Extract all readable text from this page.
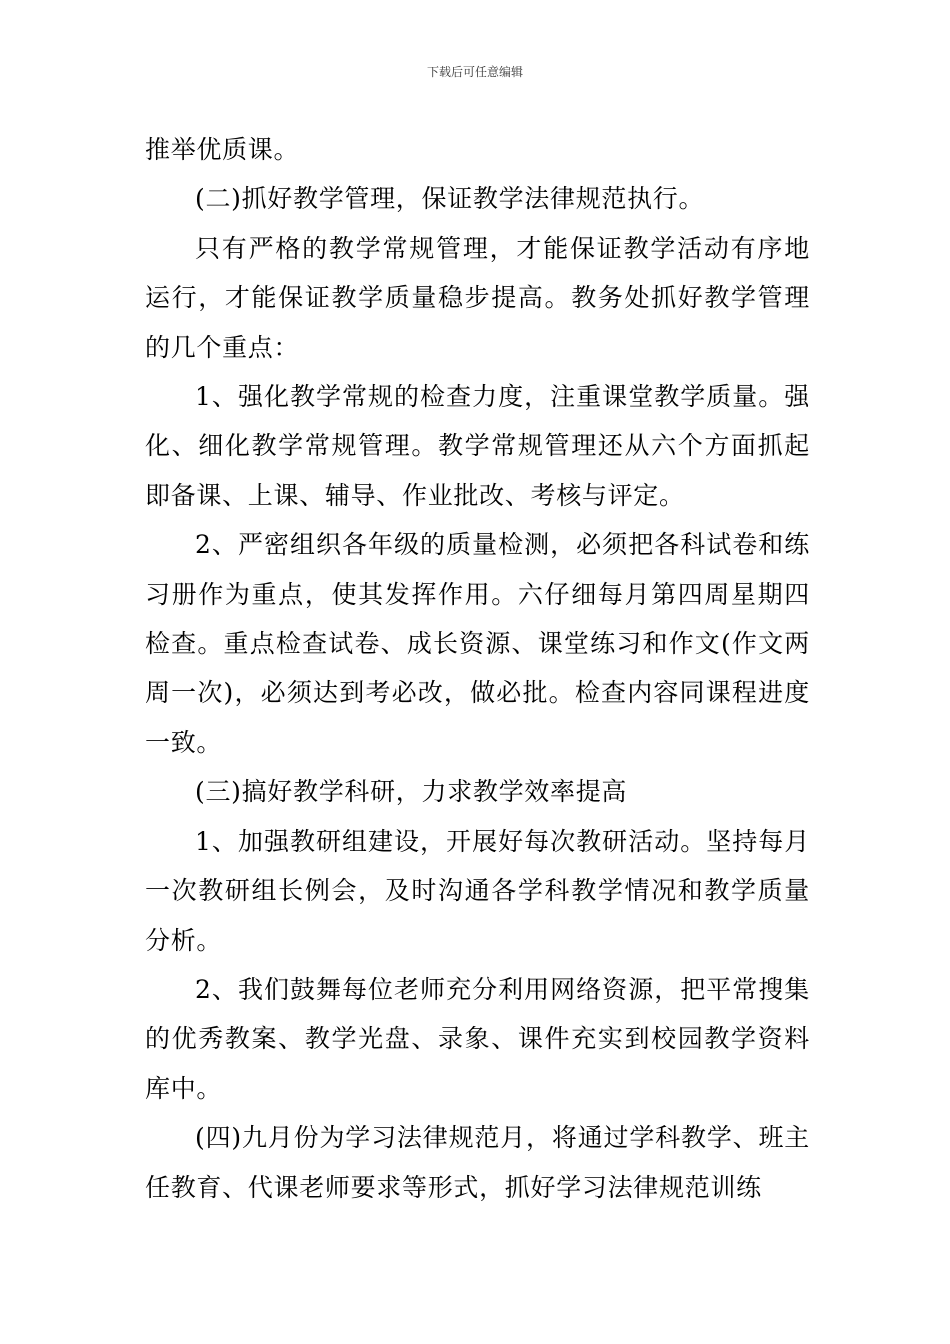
下载后可任意编辑

推举优质课。

(二)抓好教学管理，保证教学法律规范执行。

只有严格的教学常规管理，才能保证教学活动有序地运行，才能保证教学质量稳步提高。教务处抓好教学管理的几个重点：

1、强化教学常规的检查力度，注重课堂教学质量。强化、细化教学常规管理。教学常规管理还从六个方面抓起即备课、上课、辅导、作业批改、考核与评定。

2、严密组织各年级的质量检测，必须把各科试卷和练习册作为重点，使其发挥作用。六仔细每月第四周星期四检查。重点检查试卷、成长资源、课堂练习和作文(作文两周一次)，必须达到考必改，做必批。检查内容同课程进度一致。

(三)搞好教学科研，力求教学效率提高

1、加强教研组建设，开展好每次教研活动。坚持每月一次教研组长例会，及时沟通各学科教学情况和教学质量分析。

2、我们鼓舞每位老师充分利用网络资源，把平常搜集的优秀教案、教学光盘、录象、课件充实到校园教学资料库中。

(四)九月份为学习法律规范月，将通过学科教学、班主任教育、代课老师要求等形式，抓好学习法律规范训练
